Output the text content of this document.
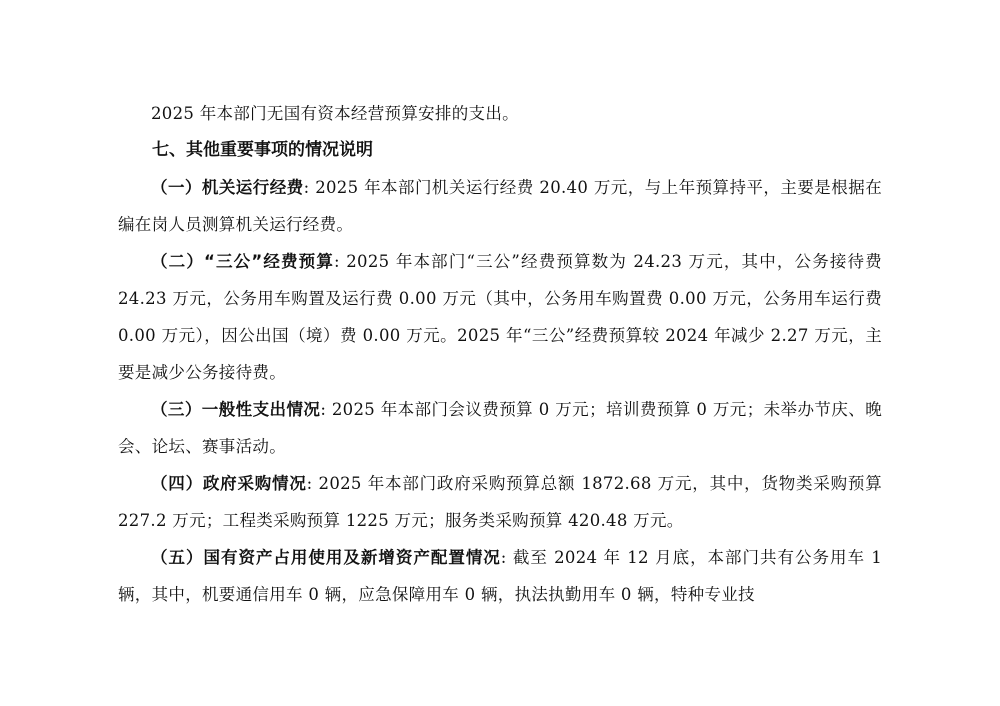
2025 年本部门无国有资本经营预算安排的支出。

七、其他重要事项的情况说明

（一）机关运行经费: 2025 年本部门机关运行经费 20.40 万元，与上年预算持平，主要是根据在编在岗人员测算机关运行经费。

（二）“三公”经费预算: 2025 年本部门“三公”经费预算数为 24.23 万元，其中，公务接待费 24.23 万元，公务用车购置及运行费 0.00 万元（其中，公务用车购置费 0.00 万元，公务用车运行费 0.00 万元），因公出国（境）费 0.00 万元。2025 年“三公”经费预算较 2024 年减少 2.27 万元，主要是减少公务接待费。

（三）一般性支出情况: 2025 年本部门会议费预算 0 万元；培训费预算 0 万元；未举办节庆、晚会、论坛、赛事活动。

（四）政府采购情况: 2025 年本部门政府采购预算总额 1872.68 万元，其中，货物类采购预算 227.2 万元；工程类采购预算 1225 万元；服务类采购预算 420.48 万元。

（五）国有资产占用使用及新增资产配置情况: 截至 2024 年 12 月底，本部门共有公务用车 1 辆，其中，机要通信用车 0 辆，应急保障用车 0 辆，执法执勤用车 0 辆，特种专业技
